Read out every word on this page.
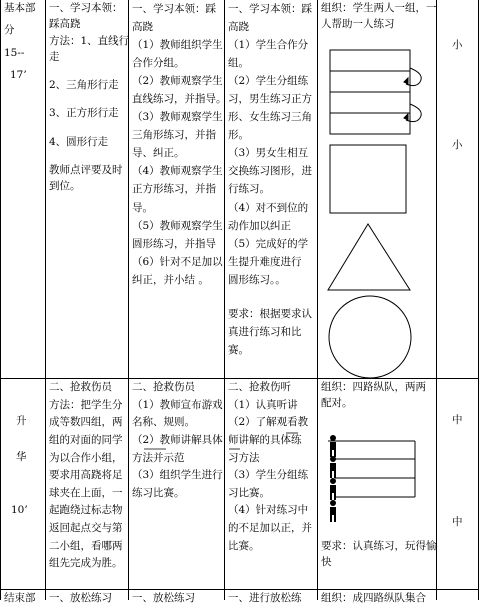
基本部

分

15--

17’

一、学习本领：

踩高跷

方法：1、直线行

走

2、三角形行走

3、正方形行走

4、圆形行走

教师点评要及时

到位。

一、学习本领：踩

高跷

（1）教师组织学生

合作分组。

（2）教师观察学生

直线练习，并指导。

（3）教师观察学生

三角形练习，并指

导、纠正。

（4）教师观察学生

正方形练习，并指

导。

（5）教师观察学生

圆形练习，并指导

（6）针对不足加以

纠正，并小结 。

一、学习本领：踩

高跷

（1）学生合作分

组。

（2）学生分组练

习，男生练习正方

形、女生练习三角

形。

（3）男女生相互

交换练习图形，进

行练习。

（4）对不到位的

动作加以纠正

（5）完成好的学

生提升难度进行

圆形练习。。

要求：根据要求认

真进行练习和比

赛。

组织：学生两人一组，一

人帮助一人练习

小

小

升

华

10’

二、抢救伤员

方法：把学生分

成等数四组，两

组的对面的同学

为以合作小组，

要求用高跷将足

球夹在上面，一

起跑绕过标志物

返回起点交与第

二小组，看哪两

组先完成为胜。

二、抢救伤员

（1）教师宣布游戏

名称、规则。

（2）教师讲解具体

方法并示范

（3）组织学生进行

练习比赛。

二、抢救伤听

（1）认真听讲

（2）了解观看教

师讲解的具体练

习方法

（3）学生分组练

习比赛。

（4）针对练习中

的不足加以正，并

比赛。

组织：四路纵队，两两

配对。

要求：认真练习，玩得愉

快

中

中

结束部 一、放松练习 一、放松练习	一、进行放松练 组织：成四路纵队集合
